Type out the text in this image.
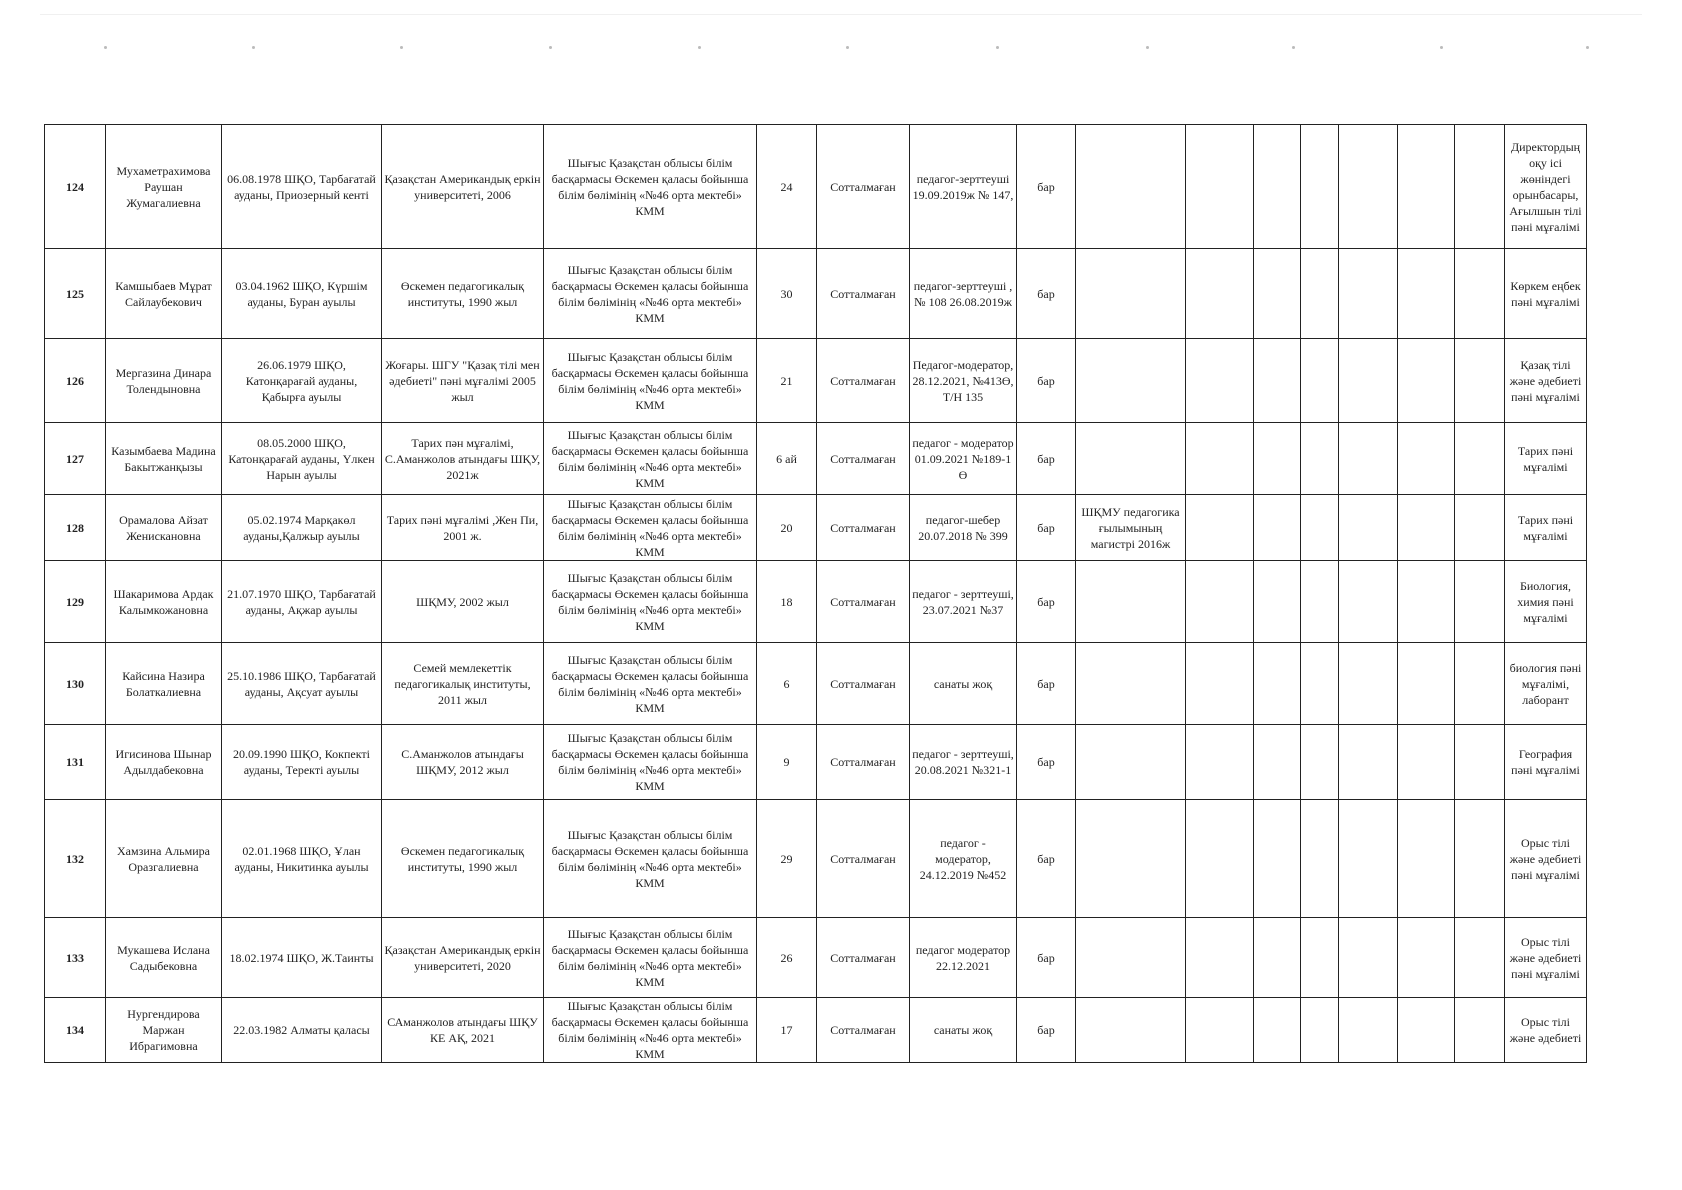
124	Мухаметрахимова Раушан Жумагалиевна	06.08.1978 ШҚО, Тарбағатай ауданы, Приозерный кенті	Қазақстан Американдық еркін университеті, 2006	Шығыс Қазақстан облысы білім басқармасы Өскемен қаласы бойынша білім бөлімінің «№46 орта мектебі» КММ	24	Сотталмаған	педагог-зерттеуші 19.09.2019ж № 147,	бар								Директордың оқу ісі жөніндегі орынбасары, Ағылшын тілі пәні мұғалімі
125	Камшыбаев Мұрат Сайлаубекович	03.04.1962 ШҚО, Күршім ауданы, Буран ауылы	Өскемен педагогикалық институты, 1990 жыл	Шығыс Қазақстан облысы білім басқармасы Өскемен қаласы бойынша білім бөлімінің «№46 орта мектебі» КММ	30	Сотталмаған	педагог-зерттеуші , № 108 26.08.2019ж	бар								Көркем еңбек пәні мұғалімі
126	Мергазина Динара Толендыновна	26.06.1979 ШҚО, Катонқарағай ауданы, Қабырға ауылы	Жоғары. ШГУ "Қазақ тілі мен әдебиеті" пәні мұғалімі 2005 жыл	Шығыс Қазақстан облысы білім басқармасы Өскемен қаласы бойынша білім бөлімінің «№46 орта мектебі» КММ	21	Сотталмаған	Педагог-модератор, 28.12.2021, №413Ө, Т/Н 135	бар								Қазақ тілі және әдебиеті пәні мұғалімі
127	Казымбаева Мадина Бакытжанқызы	08.05.2000 ШҚО, Катонқарағай ауданы, Үлкен Нарын ауылы	Тарих пән мұғалімі, С.Аманжолов атындағы ШҚУ, 2021ж	Шығыс Қазақстан облысы білім басқармасы Өскемен қаласы бойынша білім бөлімінің «№46 орта мектебі» КММ	6 ай	Сотталмаған	педагог - модератор 01.09.2021 №189-1 Ө	бар								Тарих пәні мұғалімі
128	Орамалова Айзат Женискановна	05.02.1974 Марқакөл ауданы,Қалжыр ауылы	Тарих пәні мұғалімі ,Жен Пи, 2001 ж.	Шығыс Қазақстан облысы білім басқармасы Өскемен қаласы бойынша білім бөлімінің «№46 орта мектебі» КММ	20	Сотталмаған	педагог-шебер 20.07.2018 № 399	бар	ШҚМУ педагогика ғылымының магистрі 2016ж							Тарих пәні мұғалімі
129	Шакаримова Ардак Калымкожановна	21.07.1970 ШҚО, Тарбағатай ауданы, Ақжар ауылы	ШҚМУ, 2002 жыл	Шығыс Қазақстан облысы білім басқармасы Өскемен қаласы бойынша білім бөлімінің «№46 орта мектебі» КММ	18	Сотталмаған	педагог - зерттеуші, 23.07.2021 №37	бар								Биология, химия пәні мұғалімі
130	Кайсина Назира Болаткалиевна	25.10.1986 ШҚО, Тарбағатай ауданы, Ақсуат ауылы	Семей мемлекеттік педагогикалық институты, 2011 жыл	Шығыс Қазақстан облысы білім басқармасы Өскемен қаласы бойынша білім бөлімінің «№46 орта мектебі» КММ	6	Сотталмаған	санаты жоқ	бар								биология пәні мұғалімі, лаборант
131	Игисинова Шынар Адылдабековна	20.09.1990 ШҚО, Кокпекті ауданы, Теректі ауылы	С.Аманжолов атындағы ШҚМУ, 2012 жыл	Шығыс Қазақстан облысы білім басқармасы Өскемен қаласы бойынша білім бөлімінің «№46 орта мектебі» КММ	9	Сотталмаған	педагог - зерттеуші, 20.08.2021 №321-1	бар								География пәні мұғалімі
132	Хамзина Альмира Оразгалиевна	02.01.1968 ШҚО, Ұлан ауданы, Никитинка ауылы	Өскемен педагогикалық институты, 1990 жыл	Шығыс Қазақстан облысы білім басқармасы Өскемен қаласы бойынша білім бөлімінің «№46 орта мектебі» КММ	29	Сотталмаған	педагог - модератор, 24.12.2019 №452	бар								Орыс тілі және әдебиеті пәні мұғалімі
133	Мукашева Ислана Садыбековна	18.02.1974 ШҚО, Ж.Таинты	Қазақстан Американдық еркін университеті, 2020	Шығыс Қазақстан облысы білім басқармасы Өскемен қаласы бойынша білім бөлімінің «№46 орта мектебі» КММ	26	Сотталмаған	педагог модератор 22.12.2021	бар								Орыс тілі және әдебиеті пәні мұғалімі
134	Нургендирова Маржан Ибрагимовна	22.03.1982 Алматы қаласы	САманжолов атындағы ШҚУ КЕ АҚ, 2021	Шығыс Қазақстан облысы білім басқармасы Өскемен қаласы бойынша білім бөлімінің «№46 орта мектебі» КММ	17	Сотталмаған	санаты жоқ	бар								Орыс тілі және әдебиеті
